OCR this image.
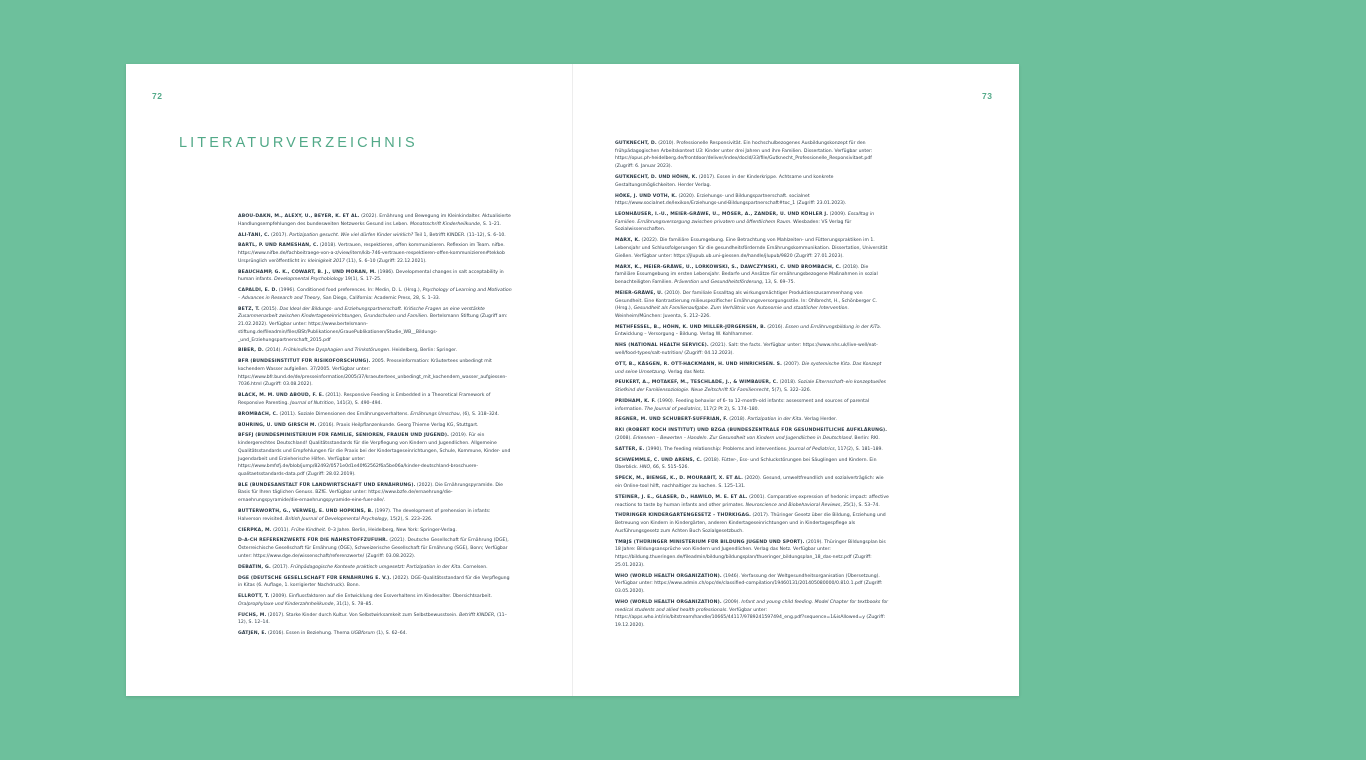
72	73
LITERATURVERZEICHNIS

ABOU-DAKN, M., ALEXY, U., BEYER, K. ET AL. (2022). Ernährung und Bewegung im Kleinkindalter. Aktualisierte Handlungsempfehlungen des bundesweiten Netzwerks Gesund ins Leben. Monatsschrift Kinderheilkunde, S. 1–21.

ALI-TANI, C. (2017). Partizipation gesucht. Wie viel dürfen Kinder wirklich? Teil 1, Betrifft KINDER. (11–12), S. 6–10.

BARTL, P. UND RAMESHAN, C. (2018). Vertrauen, respektieren, offen kommunizieren. Reflexion im Team. nifbe. https://www.nifbe.de/fachbeitraege-von-a-z/view/item/kib-746-vertrauen-respektieren-offen-kommunizieren#tekkob Ursprünglich veröffentlicht in: kleinigkeit 2017 (11), S. 6–10 (Zugriff: 22.12.2021).

BEAUCHAMP, G. K., COWART, B. J., UND MORAN, M. (1986). Developmental changes in salt acceptability in human infants. Developmental Psychobiology 19(1), S. 17–25.

CAPALDI, E. D. (1996). Conditioned food preferences. In: Medin, D. L. (Hrsg.), Psychology of Learning and Motivation – Advances in Research and Theory, San Diego, California: Academic Press, 28, S. 1–33.

BETZ, T. (2015). Das Ideal der Bildungs- und Erziehungspartnerschaft. Kritische Fragen an eine verstärkte Zusammenarbeit zwischen Kindertageseinrichtungen, Grundschulen und Familien. Bertelsmann Stiftung (Zugriff am: 21.02.2022). Verfügbar unter: https://www.bertelsmann-stiftung.de/fileadmin/files/BSt/Publikationen/GrauePublikationen/Studie_WB__Bildungs-_und_Erziehungspartnerschaft_2015.pdf

BIBER, D. (2014). Frühkindliche Dysphagien und Trinkstörungen. Heidelberg, Berlin: Springer.

BFR (BUNDESINSTITUT FÜR RISIKOFORSCHUNG). 2005. Presseinformation: Kräutertees unbedingt mit kochendem Wasser aufgießen. 37/2005. Verfügbar unter: https://www.bfr.bund.de/de/presseinformation/2005/37/kraeutertees_unbedingt_mit_kochendem_wasser_aufgiessen-7036.html (Zugriff: 03.08.2022).

BLACK, M. M. UND ABOUD, F. E. (2011). Responsive Feeding is Embedded in a Theoretical Framework of Responsive Parenting. Journal of Nutrition, 141(3), S. 490–494.

BROMBACH, C. (2011). Soziale Dimensionen des Ernährungsverhaltens. Ernährungs Umschau, (6), S. 318–324.

BÜHRING, U. UND GIRSCH M. (2016). Praxis Heilpflanzenkunde. Georg Thieme Verlag KG, Stuttgart.

BFSFJ (BUNDESMINISTERIUM FÜR FAMILIE, SENIOREN, FRAUEN UND JUGEND). (2019). Für ein kindergerechtes Deutschland! Qualitätsstandards für die Verpflegung von Kindern und Jugendlichen. Allgemeine Qualitätsstandards und Empfehlungen für die Praxis bei der Kindertageseinrichtungen, Schule, Kommune, Kinder- und Jugendarbeit und Erzieherische Hilfen. Verfügbar unter: https://www.bmfsfj.de/blob/jump/82492/0571e0d1e40f62562f6a5be06a/kinder-deutschland-broschuere-qualitaetsstandards-data.pdf (Zugriff: 28.02.2019).

BLE (BUNDESANSTALT FÜR LANDWIRTSCHAFT UND ERNÄHRUNG). (2022). Die Ernährungspyramide. Die Basis für Ihren täglichen Genuss. BZfE. Verfügbar unter: https://www.bzfe.de/ernaehrung/die-ernaehrungspyramide/die-ernaehrungspyramide-eine-fuer-alle/.

BUTTERWORTH, G., VERWEIJ, E. UND HOPKINS, B. (1997). The development of prehension in infants: Halverson revisited. British Journal of Developmental Psychology, 15(2), S. 223–226.

CIERPKA, M. (2011). Frühe Kindheit. 0–3 Jahre. Berlin, Heidelberg, New York: Springer-Verlag.

D-A-CH REFERENZWERTE FÜR DIE NÄHRSTOFFZUFUHR. (2021). Deutsche Gesellschaft für Ernährung (DGE), Österreichische Gesellschaft für Ernährung (ÖGE), Schweizerische Gesellschaft für Ernährung (SGE), Bonn; Verfügbar unter: https://www.dge.de/wissenschaft/referenzwerte/ (Zugriff: 03.08.2022).

DEBATIN, G. (2017). Frühpädagogische Kontexte praktisch umgesetzt: Partizipation in der Kita. Cornelsen.

DGE (DEUTSCHE GESELLSCHAFT FÜR ERNÄHRUNG E. V.). (2022). DGE-Qualitätsstandard für die Verpflegung in Kitas (6. Auflage, 1. korrigierter Nachdruck). Bonn.

ELLROTT, T. (2009). Einflussfaktoren auf die Entwicklung des Essverhaltens im Kindesalter. Übersichtsarbeit. Oralprophylaxe und Kinderzahnheilkunde, 31(1), S. 78–85.

FUCHS, M. (2017). Starke Kinder durch Kultur. Von Selbstwirksamkeit zum Selbstbewusstsein. Betrifft KINDER, (11–12), S. 12–14.

GÄTJEN, E. (2016). Essen in Beziehung. Thema UGBforum (1), S. 62–64.

GUTKNECHT, D. (2010). Professionelle Responsivität. Ein hochschulbezogenes Ausbildungskonzept für den frühpädagogischen Arbeitskontext U3: Kinder unter drei Jahren und ihre Familien. Dissertation. Verfügbar unter: https://opus.ph-heidelberg.de/frontdoor/deliver/index/docId/33/file/Gutknecht_Professionelle_Responsivitaet.pdf (Zugriff: 6. Januar 2023).

GUTKNECHT, D. UND HÖHN, K. (2017). Essen in der Kinderkrippe. Achtsame und konkrete Gestaltungsmöglichkeiten. Herder Verlag.

HÖKE, J. UND VOTH, K. (2020). Erziehungs- und Bildungspartnerschaft. socialnet https://www.socialnet.de/lexikon/Erziehungs-und-Bildungspartnerschaft#toc_1 (Zugriff: 23.01.2023).

LEONHÄUSER, I.-U., MEIER-GRÄWE, U., MÖSER, A., ZANDER, U. UND KÖHLER J. (2009). Essalltag in Familien. Ernährungsversorgung zwischen privatem und öffentlichem Raum. Wiesbaden: VS Verlag für Sozialwissenschaften.

MARX, K. (2022). Die familiäre Essumgebung. Eine Betrachtung von Mahlzeiten- und Fütterungspraktiken im 1. Lebensjahr und Schlussfolgerungen für die gesundheitsfördernde Ernährungskommunikation. Dissertation, Universität Gießen. Verfügbar unter: https://jlupub.ub.uni-giessen.de/handle/jlupub/9820 (Zugriff: 27.01.2023).

MARX, K., MEIER-GRÄWE, U., LORKOWSKI, S., DAWCZYNSKI, C. UND BROMBACH, C. (2018). Die familiäre Essumgebung im ersten Lebensjahr. Bedarfe und Ansätze für ernährungsbezogene Maßnahmen in sozial benachteiligten Familien. Prävention und Gesundheitsförderung, 13, S. 69–75.

MEIER-GRÄWE, U. (2010). Der familiale Essalltag als wirkungsmächtiger Produktionszusammenhang von Gesundheit. Eine Kontrastierung milieuspezifischer Ernährungsversorgungsstile. In: Ohlbrecht, H., Schönberger C. (Hrsg.), Gesundheit als Familienaufgabe. Zum Verhältnis von Autonomie und staatlicher Intervention. Weinheim/München: Juventa, S. 212–226.

METHFESSEL, B., HÖHN, K. UND MILLER-JÜRGENSEN, B. (2016). Essen und Ernährungsbildung in der KiTa. Entwicklung – Versorgung – Bildung. Verlag W. Kohlhammer.

NHS (NATIONAL HEALTH SERVICE). (2021). Salt: the facts. Verfügbar unter: https://www.nhs.uk/live-well/eat-well/food-types/salt-nutrition/ (Zugriff: 04.12.2023).

OTT, B., KÄSGEN, R. OTT-HACKMANN, H. UND HINRICHSEN. S. (2007). Die systemische Kita. Das Konzept und seine Umsetzung. Verlag das Netz.

PEUKERT, A., MOTAKEF, M., TESCHLADE, J., & WIMBAUER, C. (2018). Soziale Elternschaft–ein konzeptuelles Stiefkind der Familiensoziologie. Neue Zeitschrift für Familienrecht, 5(7), S. 322–326.

PRIDHAM, K. F. (1990). Feeding behavior of 6- to 12-month-old infants: assessment and sources of parental information. The Journal of pediatrics, 117(2 Pt 2), S. 174–180.

REGNER, M. UND SCHUBERT-SUFFRIAN, F. (2018). Partizipation in der Kita. Verlag Herder.

RKI (ROBERT KOCH INSTITUT) UND BZGA (BUNDESZENTRALE FÜR GESUNDHEITLICHE AUFKLÄRUNG). (2008). Erkennen – Bewerten – Handeln. Zur Gesundheit von Kindern und Jugendlichen in Deutschland. Berlin: RKI.

SATTER, E. (1990). The feeding relationship: Problems and interventions. Journal of Pediatrics, 117(2), S. 181–189.

SCHWEMMLE, C. UND ARENS, C. (2018). Fütter-, Ess- und Schluckstörungen bei Säuglingen und Kindern. Ein Überblick. HNO, 66, S. 515–526.

SPECK, M., BIENGE, K., D. MOURABIT, X. ET AL. (2020). Gesund, umweltfreundlich und sozialverträglich: wie ein Online-tool hilft, nachhaltiger zu kochen. S. 125–131.

STEINER, J. E., GLASER, D., HAWILO, M. E. ET AL. (2001). Comparative expression of hedonic impact: affective reactions to taste by human infants and other primates. Neuroscience and Biobehavioral Reviews, 25(1), S. 53–74.

THÜRINGER KINDERGARTENGESETZ – THÜRKIGAG. (2017). Thüringer Gesetz über die Bildung, Erziehung und Betreuung von Kindern in Kindergärten, anderen Kindertageseinrichtungen und in Kindertagespflege als Ausführungsgesetz zum Achten Buch Sozialgesetzbuch.

TMBJS (THÜRINGER MINISTERIUM FÜR BILDUNG JUGEND UND SPORT). (2019). Thüringer Bildungsplan bis 18 Jahre: Bildungsansprüche von Kindern und Jugendlichen. Verlag das Netz. Verfügbar unter: https://bildung.thueringen.de/fileadmin/bildung/bildungsplan/thueringer_bildungsplan_18_das-netz.pdf (Zugriff: 25.01.2023).

WHO (WORLD HEALTH ORGANIZATION). (1946). Verfassung der Weltgesundheitsorganisation (Übersetzung). Verfügbar unter: https://www.admin.ch/opc/de/classified-compilation/19460131/201405080000/0.810.1.pdf (Zugriff: 03.05.2020).

WHO (WORLD HEALTH ORGANIZATION). (2009). Infant and young child feeding. Model Chapter for textbooks for medical students and allied health professionals. Verfügbar unter: https://apps.who.int/iris/bitstream/handle/10665/44117/9789241597494_eng.pdf?sequence=1&isAllowed=y (Zugriff: 19.12.2020).
